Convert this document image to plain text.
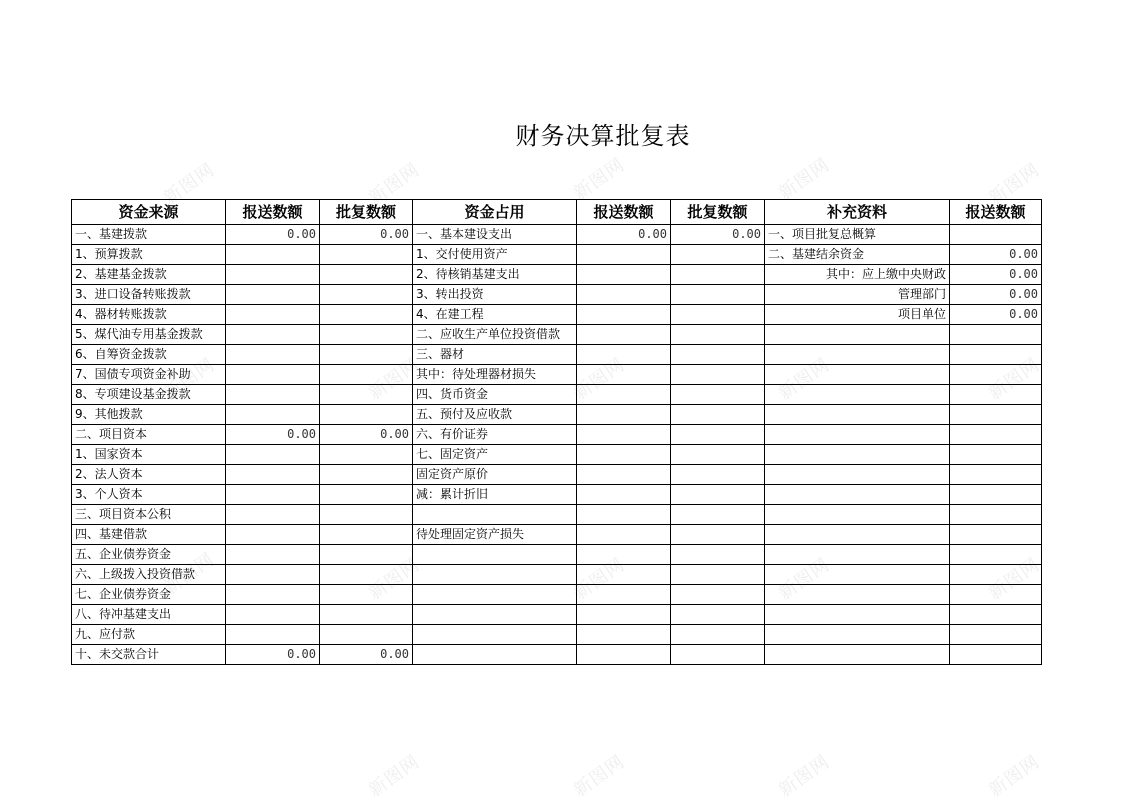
新图网	新图网	新图网	新图网	新图网
新图网	新图网	新图网	新图网	新图网
新图网	新图网	新图网	新图网	新图网
新图网	新图网	新图网	新图网
财务决算批复表
资金来源	报送数额	批复数额	资金占用	报送数额	批复数额	补充资料	报送数额
一、基建拨款	0.00	0.00	一、基本建设支出	0.00	0.00	一、项目批复总概算	
1、预算拨款			1、交付使用资产			二、基建结余资金	0.00
2、基建基金拨款			2、待核销基建支出			其中：应上缴中央财政	0.00
3、进口设备转账拨款			3、转出投资			管理部门	0.00
4、器材转账拨款			4、在建工程			项目单位	0.00
5、煤代油专用基金拨款			二、应收生产单位投资借款				
6、自筹资金拨款			三、器材				
7、国债专项资金补助			其中：待处理器材损失				
8、专项建设基金拨款			四、货币资金				
9、其他拨款			五、预付及应收款				
二、项目资本	0.00	0.00	六、有价证券				
1、国家资本			七、固定资产				
2、法人资本			固定资产原价				
3、个人资本			减：累计折旧				
三、项目资本公积							
四、基建借款			待处理固定资产损失				
五、企业债券资金							
六、上级拨入投资借款							
七、企业债券资金							
八、待冲基建支出							
九、应付款							
十、未交款合计	0.00	0.00					
